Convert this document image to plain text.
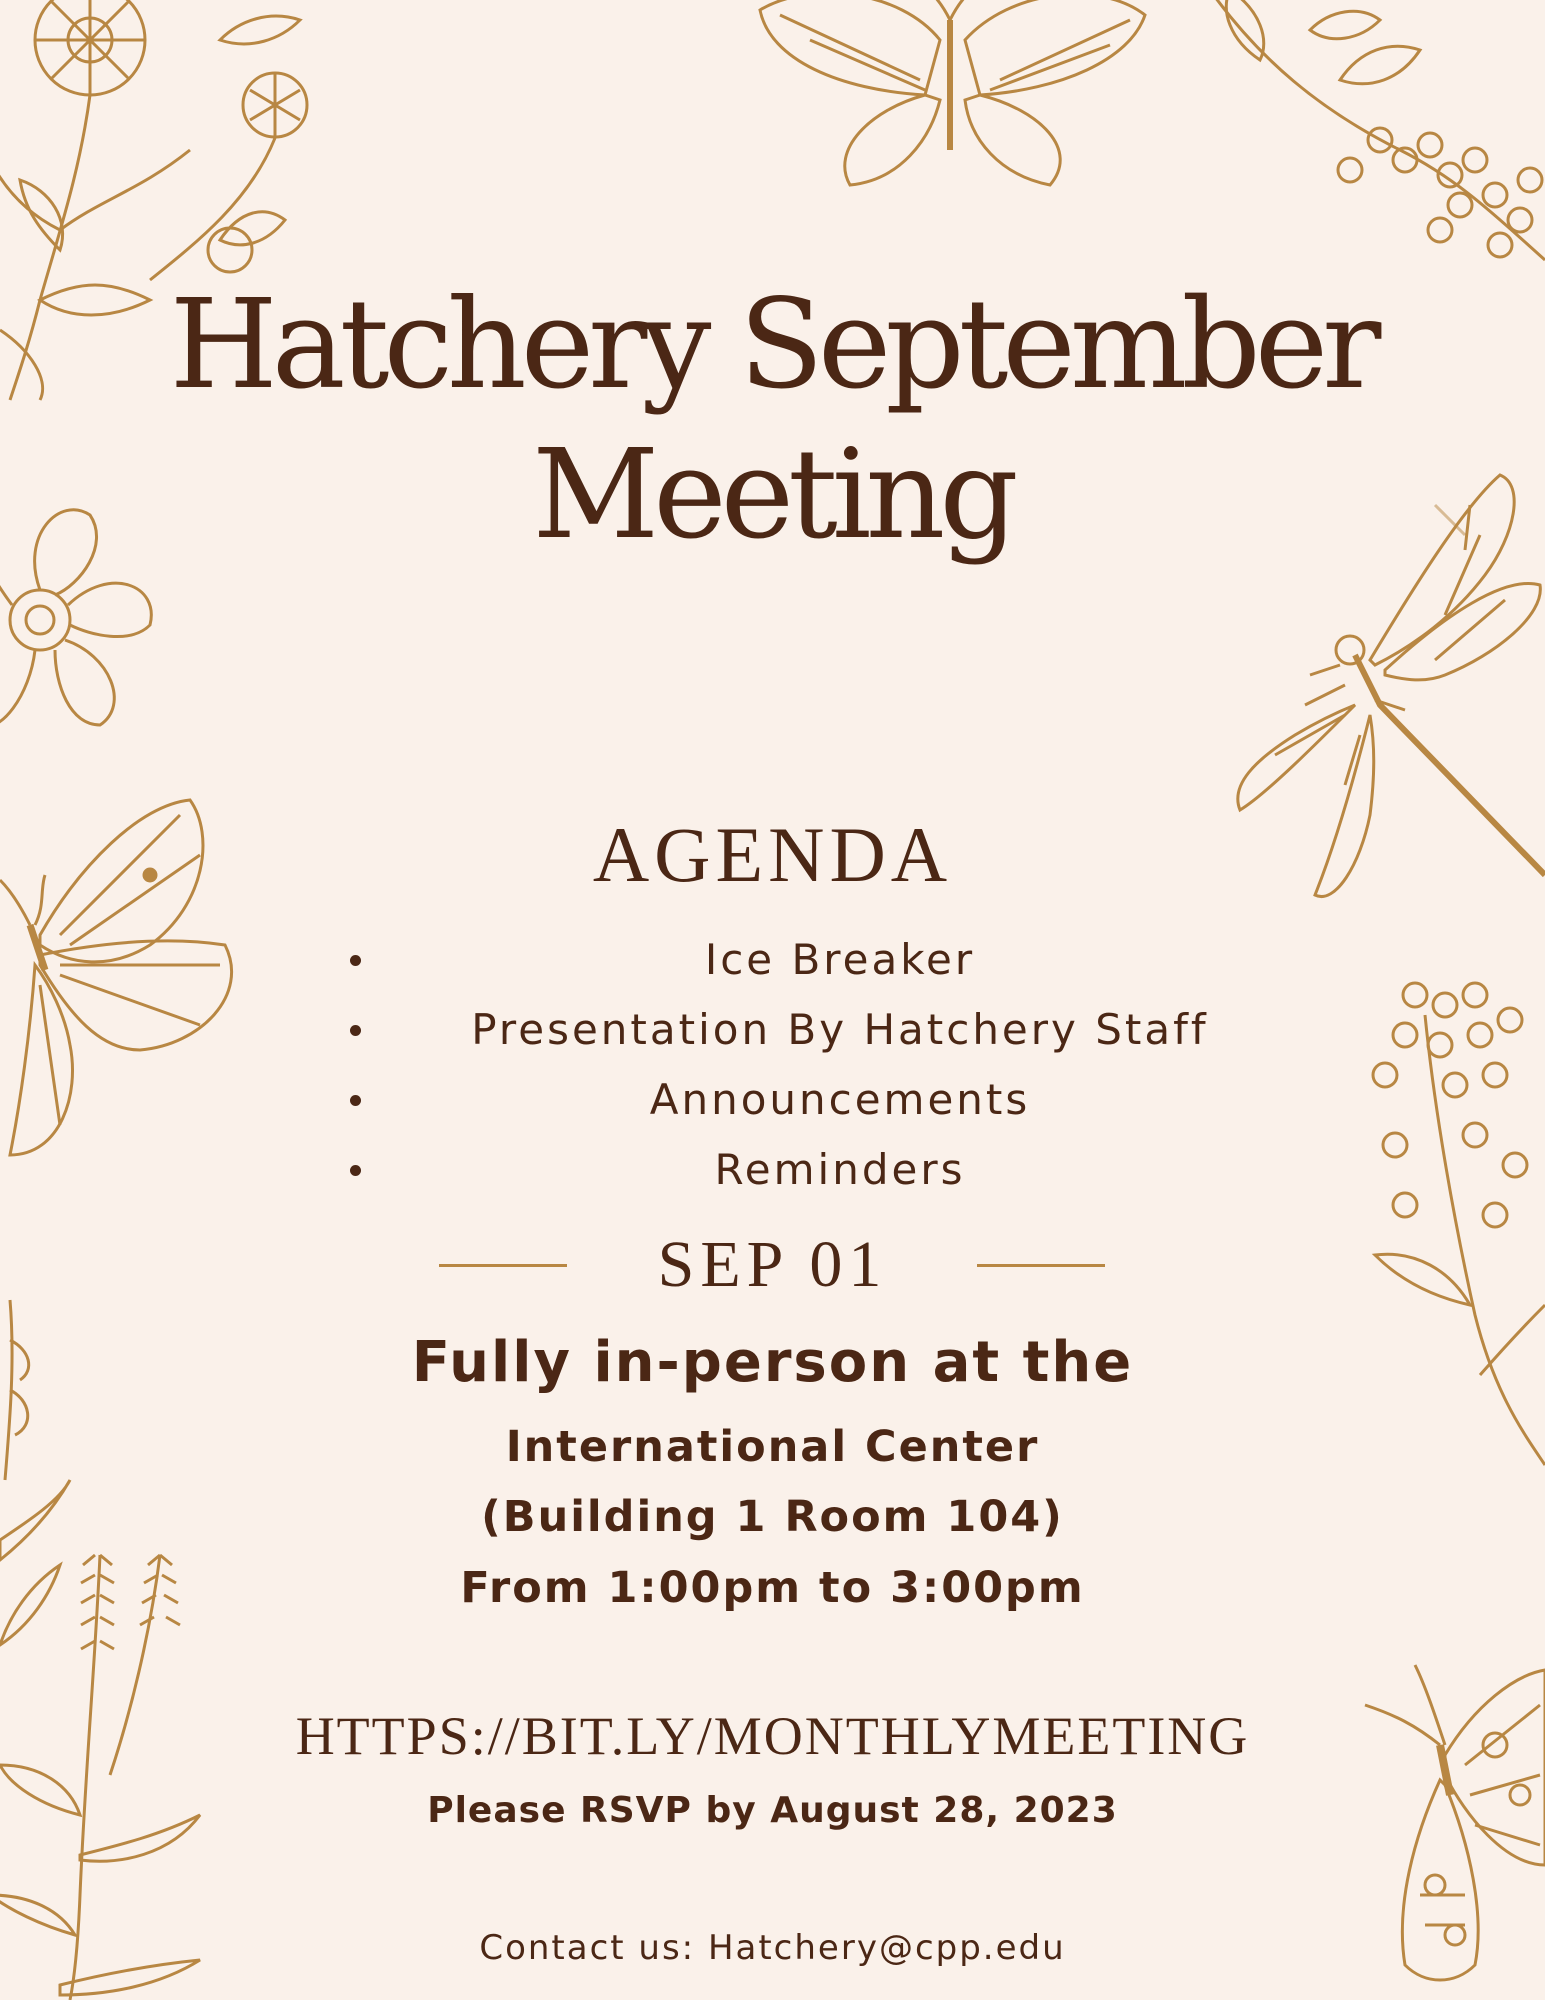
Hatchery September
Meeting
AGENDA
Ice Breaker
Presentation By Hatchery Staff
Announcements
Reminders

SEP 01

Fully in-person at the

International Center

(Building 1 Room 104)

From 1:00pm to 3:00pm

HTTPS://BIT.LY/MONTHLYMEETING

Please RSVP by August 28, 2023

Contact us: Hatchery@cpp.edu
